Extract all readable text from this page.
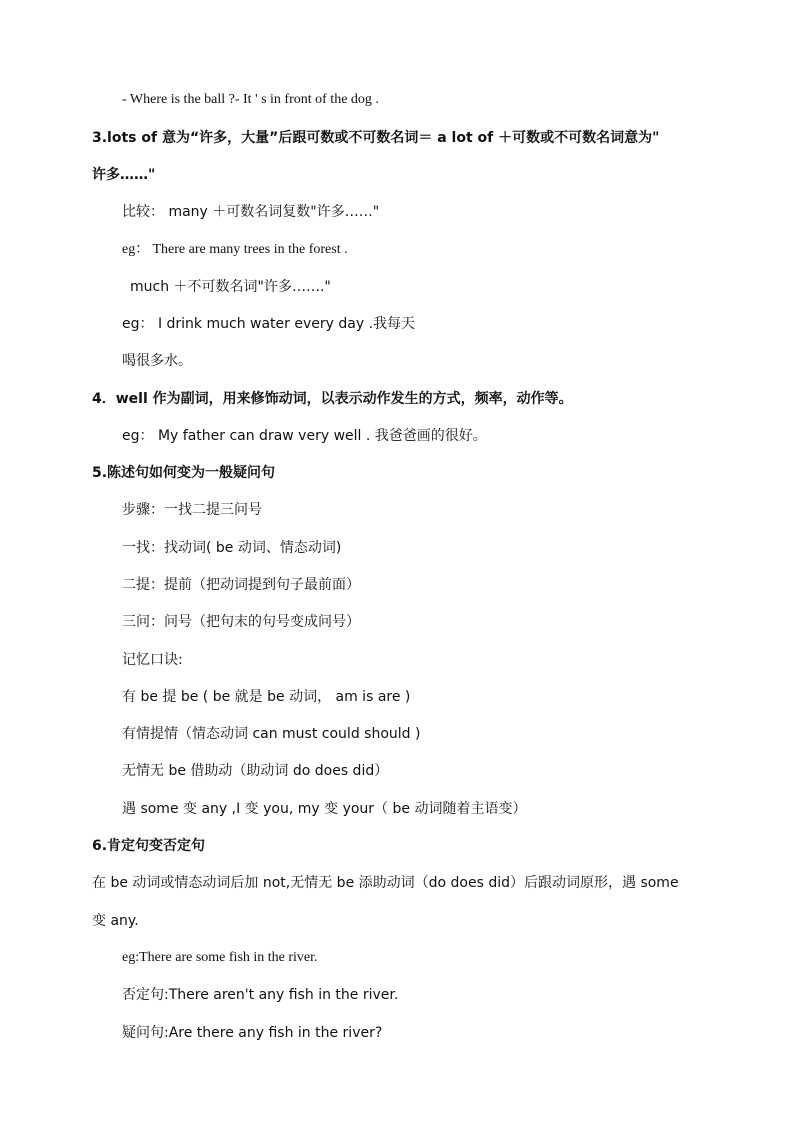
- Where is the ball ?- It ' s in front of the dog .
3.lots of 意为“许多，大量”后跟可数或不可数名词＝ a lot of ＋可数或不可数名词意为"
许多……"
比较： many ＋可数名词复数"许多……"
eg： There are many trees in the forest .
much ＋不可数名词"许多……."
eg： I drink much water every day .我每天
喝很多水。
4．well 作为副词，用来修饰动词，以表示动作发生的方式，频率，动作等。
eg： My father can draw very well . 我爸爸画的很好。
5.陈述句如何变为一般疑问句
步骤：一找二提三问号
一找：找动词( be 动词、情态动词)
二提：提前（把动词提到句子最前面）
三问：问号（把句末的句号变成问号）
记忆口诀:
有 be 提 be ( be 就是 be 动词， am is are )
有情提情（情态动词 can must could should )
无情无 be 借助动（助动词 do does did）
遇 some 变 any ,I 变 you, my 变 your（ be 动词随着主语变）
6.肯定句变否定句
在 be 动词或情态动词后加 not,无情无 be 添助动词（do does did）后跟动词原形，遇 some
变 any.
eg:There are some fish in the river.
否定句:There aren't any fish in the river.
疑问句:Are there any fish in the river?
